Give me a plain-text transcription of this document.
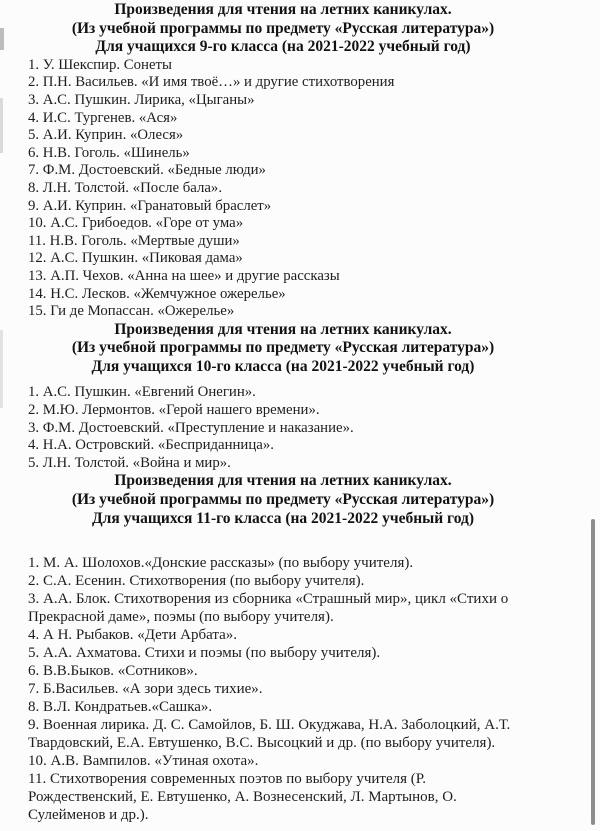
Произведения для чтения на летних каникулах.
(Из учебной программы по предмету «Русская литература»)
Для учащихся 9-го класса (на 2021-2022 учебный год)

1. У. Шекспир. Сонеты

2. П.Н. Васильев. «И имя твоё…» и другие стихотворения

3. А.С. Пушкин. Лирика, «Цыганы»

4. И.С. Тургенев. «Ася»

5. А.И. Куприн. «Олеся»

6. Н.В. Гоголь. «Шинель»

7. Ф.М. Достоевский. «Бедные люди»

8. Л.Н. Толстой. «После бала».

9. А.И. Куприн. «Гранатовый браслет»

10. А.С. Грибоедов. «Горе от ума»

11. Н.В. Гоголь. «Мертвые души»

12. А.С. Пушкин. «Пиковая дама»

13. А.П. Чехов. «Анна на шее» и другие рассказы

14. Н.С. Лесков. «Жемчужное ожерелье»

15. Ги де Мопассан. «Ожерелье»

Произведения для чтения на летних каникулах.
(Из учебной программы по предмету «Русская литература»)
Для учащихся 10-го класса (на 2021-2022 учебный год)

1. А.С. Пушкин. «Евгений Онегин».

2. М.Ю. Лермонтов. «Герой нашего времени».

3. Ф.М. Достоевский. «Преступление и наказание».

4. Н.А. Островский. «Бесприданница».

5. Л.Н. Толстой. «Война и мир».

Произведения для чтения на летних каникулах.
(Из учебной программы по предмету «Русская литература»)
Для учащихся 11-го класса (на 2021-2022 учебный год)

1. М. А. Шолохов.«Донские рассказы» (по выбору учителя).

2. С.А. Есенин. Стихотворения (по выбору учителя).

3. А.А. Блок. Стихотворения из сборника «Страшный мир», цикл «Стихи о Прекрасной даме», поэмы (по выбору учителя).

4. А Н. Рыбаков. «Дети Арбата».

5. А.А. Ахматова. Стихи и поэмы (по выбору учителя).

6. В.В.Быков. «Сотников».

7. Б.Васильев. «А зори здесь тихие».

8. В.Л. Кондратьев.«Сашка».

9. Военная лирика. Д. С. Самойлов, Б. Ш. Окуджава, Н.А. Заболоцкий, А.Т. Твардовский, Е.А. Евтушенко, В.С. Высоцкий и др. (по выбору учителя).

10. А.В. Вампилов. «Утиная охота».

11. Стихотворения современных поэтов по выбору учителя (Р. Рождественский, Е. Евтушенко, А. Вознесенский, Л. Мартынов, О. Сулейменов и др.).
